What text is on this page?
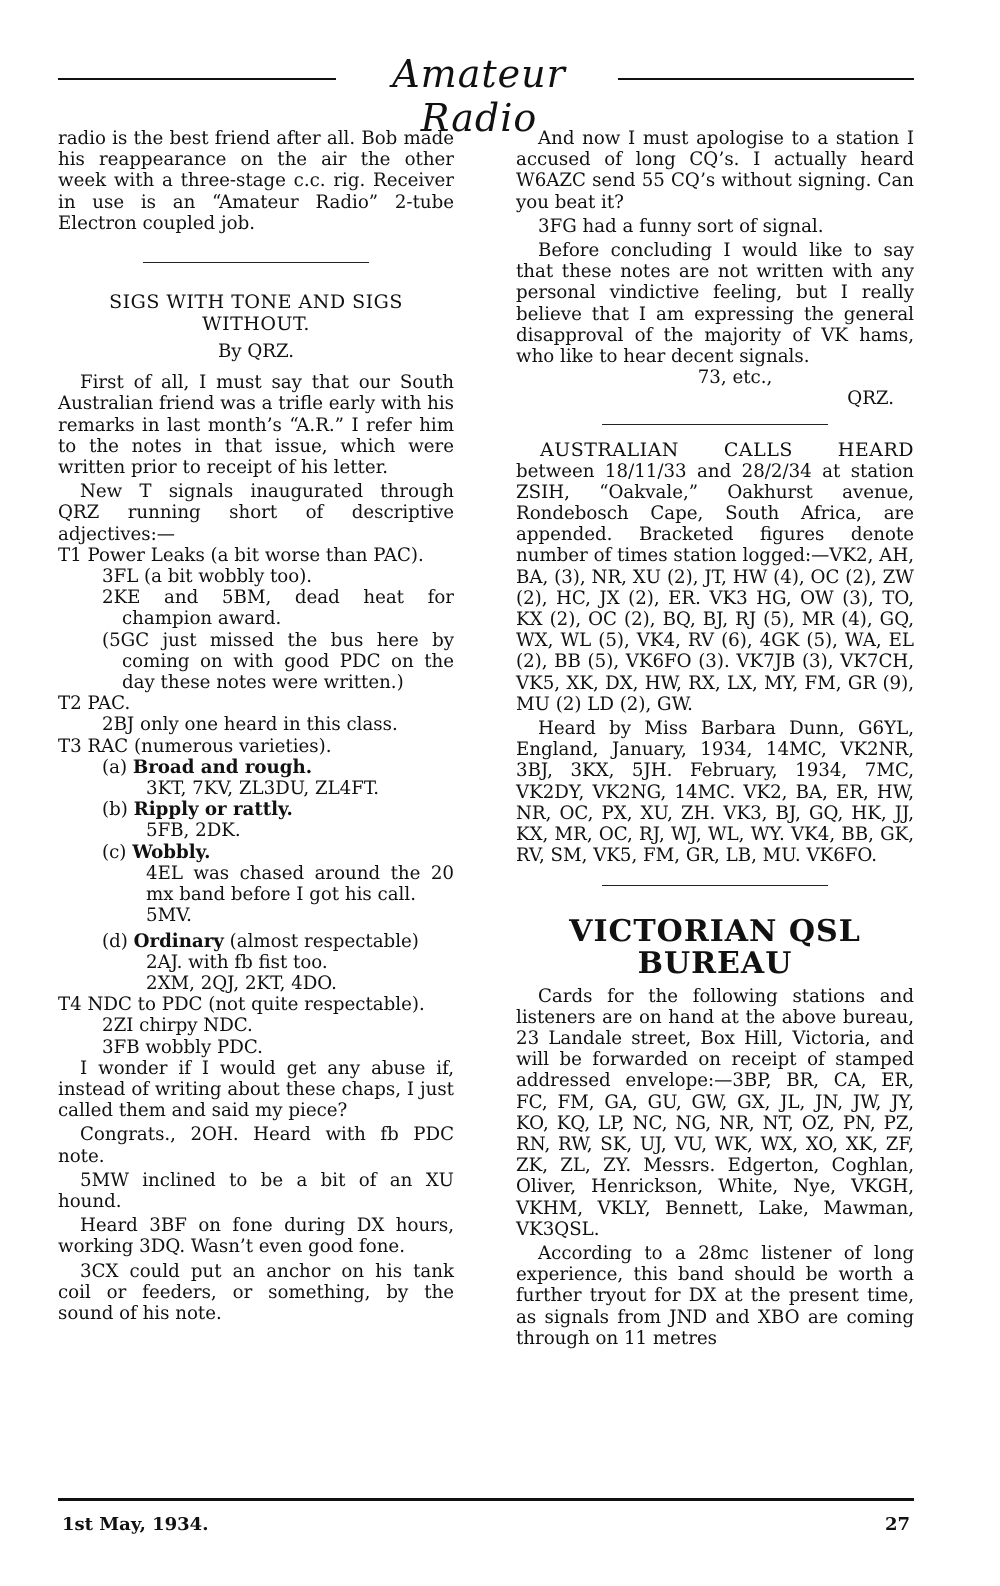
Amateur Radio

radio is the best friend after all. Bob made his reappearance on the air the other week with a three-stage c.c. rig. Receiver in use is an “Amateur Radio” 2-tube Electron coupled job.

SIGS WITH TONE AND SIGS WITHOUT.

By QRZ.

First of all, I must say that our South Australian friend was a trifle early with his remarks in last month’s “A.R.” I refer him to the notes in that issue, which were written prior to receipt of his letter.

New T signals inaugurated through QRZ running short of descriptive adjectives:—

T1 Power Leaks (a bit worse than PAC).

3FL (a bit wobbly too).

2KE and 5BM, dead heat for champion award.

(5GC just missed the bus here by coming on with good PDC on the day these notes were written.)

T2 PAC.

2BJ only one heard in this class.

T3 RAC (numerous varieties).

(a) Broad and rough.

3KT, 7KV, ZL3DU, ZL4FT.

(b) Ripply or rattly.

5FB, 2DK.

(c) Wobbly.

4EL was chased around the 20 mx band before I got his call.

5MV.

(d) Ordinary (almost respectable)

2AJ. with fb fist too.

2XM, 2QJ, 2KT, 4DO.

T4 NDC to PDC (not quite respectable).

2ZI chirpy NDC.

3FB wobbly PDC.

I wonder if I would get any abuse if, instead of writing about these chaps, I just called them and said my piece?

Congrats., 2OH. Heard with fb PDC note.

5MW inclined to be a bit of an XU hound.

Heard 3BF on fone during DX hours, working 3DQ. Wasn’t even good fone.

3CX could put an anchor on his tank coil or feeders, or something, by the sound of his note.

And now I must apologise to a station I accused of long CQ’s. I actually heard W6AZC send 55 CQ’s without signing. Can you beat it?

3FG had a funny sort of signal.

Before concluding I would like to say that these notes are not written with any personal vindictive feeling, but I really believe that I am expressing the general disapproval of the majority of VK hams, who like to hear decent signals.

73, etc.,

QRZ.

AUSTRALIAN CALLS HEARD

between 18/11/33 and 28/2/34 at station ZSIH, “Oakvale,” Oakhurst avenue, Rondebosch Cape, South Africa, are appended. Bracketed figures denote number of times station logged:—VK2, AH, BA, (3), NR, XU (2), JT, HW (4), OC (2), ZW (2), HC, JX (2), ER. VK3 HG, OW (3), TO, KX (2), OC (2), BQ, BJ, RJ (5), MR (4), GQ, WX, WL (5), VK4, RV (6), 4GK (5), WA, EL (2), BB (5), VK6FO (3). VK7JB (3), VK7CH, VK5, XK, DX, HW, RX, LX, MY, FM, GR (9), MU (2) LD (2), GW.

Heard by Miss Barbara Dunn, G6YL, England, January, 1934, 14MC, VK2NR, 3BJ, 3KX, 5JH. February, 1934, 7MC, VK2DY, VK2NG, 14MC. VK2, BA, ER, HW, NR, OC, PX, XU, ZH. VK3, BJ, GQ, HK, JJ, KX, MR, OC, RJ, WJ, WL, WY. VK4, BB, GK, RV, SM, VK5, FM, GR, LB, MU. VK6FO.

VICTORIAN QSL

BUREAU

Cards for the following stations and listeners are on hand at the above bureau, 23 Landale street, Box Hill, Victoria, and will be forwarded on receipt of stamped addressed envelope:—3BP, BR, CA, ER, FC, FM, GA, GU, GW, GX, JL, JN, JW, JY, KO, KQ, LP, NC, NG, NR, NT, OZ, PN, PZ, RN, RW, SK, UJ, VU, WK, WX, XO, XK, ZF, ZK, ZL, ZY. Messrs. Edgerton, Coghlan, Oliver, Henrickson, White, Nye, VKGH, VKHM, VKLY, Bennett, Lake, Mawman, VK3QSL.

According to a 28mc listener of long experience, this band should be worth a further tryout for DX at the present time, as signals from JND and XBO are coming through on 11 metres

1st May, 1934.	27
